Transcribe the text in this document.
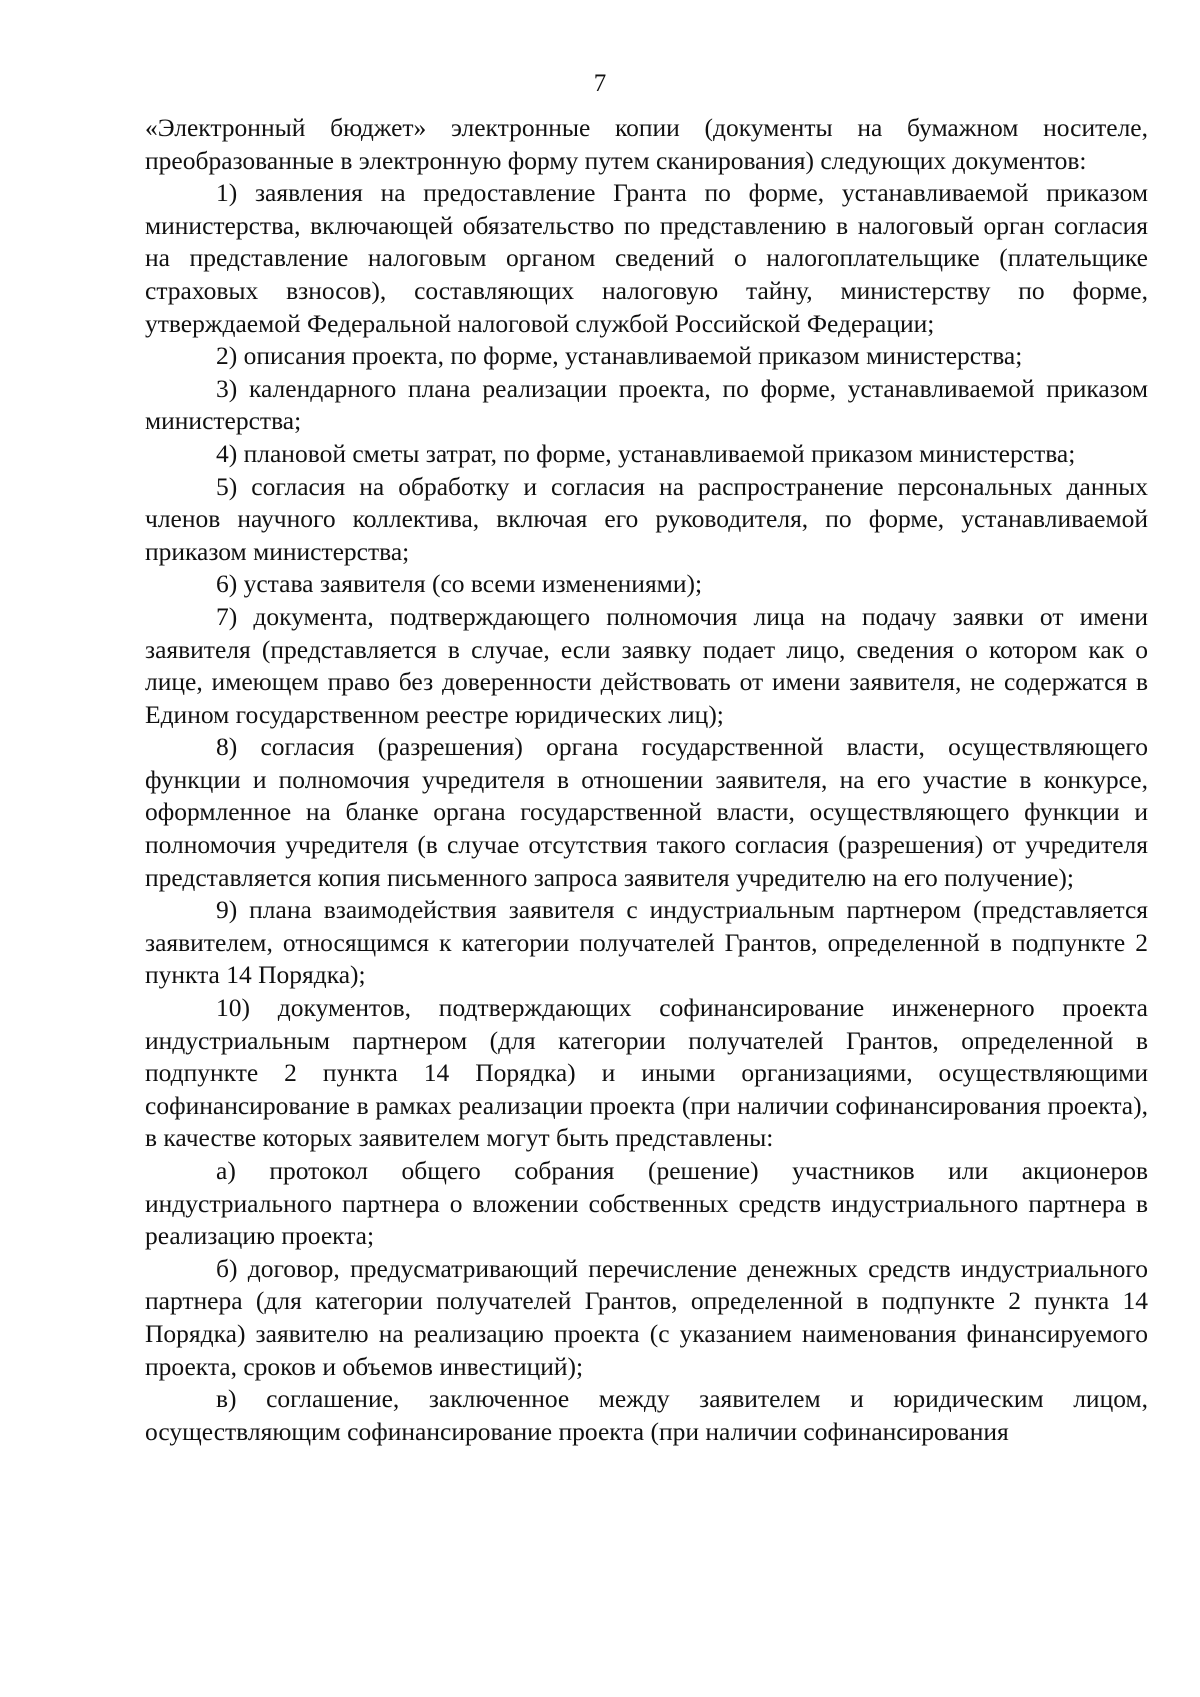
7

«Электронный бюджет» электронные копии (документы на бумажном носителе, преобразованные в электронную форму путем сканирования) следующих документов:

1) заявления на предоставление Гранта по форме, устанавливаемой приказом министерства, включающей обязательство по представлению в налоговый орган согласия на представление налоговым органом сведений о налогоплательщике (плательщике страховых взносов), составляющих налоговую тайну, министерству по форме, утверждаемой Федеральной налоговой службой Российской Федерации;

2) описания проекта, по форме, устанавливаемой приказом министерства;

3) календарного плана реализации проекта, по форме, устанавливаемой приказом министерства;

4) плановой сметы затрат, по форме, устанавливаемой приказом министерства;

5) согласия на обработку и согласия на распространение персональных данных членов научного коллектива, включая его руководителя, по форме, устанавливаемой приказом министерства;

6) устава заявителя (со всеми изменениями);

7) документа, подтверждающего полномочия лица на подачу заявки от имени заявителя (представляется в случае, если заявку подает лицо, сведения о котором как о лице, имеющем право без доверенности действовать от имени заявителя, не содержатся в Едином государственном реестре юридических лиц);

8) согласия (разрешения) органа государственной власти, осуществляющего функции и полномочия учредителя в отношении заявителя, на его участие в конкурсе, оформленное на бланке органа государственной власти, осуществляющего функции и полномочия учредителя (в случае отсутствия такого согласия (разрешения) от учредителя представляется копия письменного запроса заявителя учредителю на его получение);

9) плана взаимодействия заявителя с индустриальным партнером (представляется заявителем, относящимся к категории получателей Грантов, определенной в подпункте 2 пункта 14 Порядка);

10) документов, подтверждающих софинансирование инженерного проекта индустриальным партнером (для категории получателей Грантов, определенной в подпункте 2 пункта 14 Порядка) и иными организациями, осуществляющими софинансирование в рамках реализации проекта (при наличии софинансирования проекта), в качестве которых заявителем могут быть представлены:

а) протокол общего собрания (решение) участников или акционеров индустриального партнера о вложении собственных средств индустриального партнера в реализацию проекта;

б) договор, предусматривающий перечисление денежных средств индустриального партнера (для категории получателей Грантов, определенной в подпункте 2 пункта 14 Порядка) заявителю на реализацию проекта (с указанием наименования финансируемого проекта, сроков и объемов инвестиций);

в) соглашение, заключенное между заявителем и юридическим лицом, осуществляющим софинансирование проекта (при наличии софинансирования
